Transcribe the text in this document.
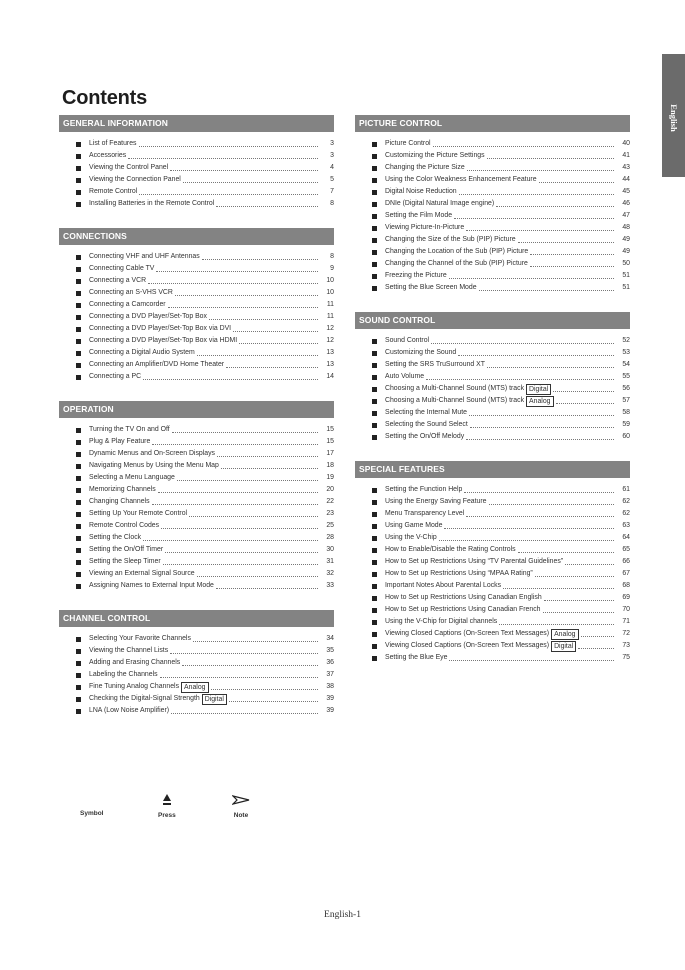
English
Contents
GENERAL INFORMATION
List of Features	3
Accessories	3
Viewing the Control Panel	4
Viewing the Connection Panel	5
Remote Control	7
Installing Batteries in the Remote Control	8
CONNECTIONS
Connecting VHF and UHF Antennas	8
Connecting Cable TV	9
Connecting a VCR	10
Connecting an S-VHS VCR	10
Connecting a Camcorder	11
Connecting a DVD Player/Set-Top Box	11
Connecting a DVD Player/Set-Top Box via DVI	12
Connecting a DVD Player/Set-Top Box via HDMI	12
Connecting a Digital Audio System	13
Connecting an Amplifier/DVD Home Theater	13
Connecting a PC	14
OPERATION
Turning the TV On and Off	15
Plug & Play Feature	15
Dynamic Menus and On-Screen Displays	17
Navigating Menus by Using the Menu Map	18
Selecting a Menu Language	19
Memorizing Channels	20
Changing Channels	22
Setting Up Your Remote Control	23
Remote Control Codes	25
Setting the Clock	28
Setting the On/Off Timer	30
Setting the Sleep Timer	31
Viewing an External Signal Source	32
Assigning Names to External Input Mode	33
CHANNEL CONTROL
Selecting Your Favorite Channels	34
Viewing the Channel Lists	35
Adding and Erasing Channels	36
Labeling the Channels	37
Fine Tuning Analog Channels Analog	38
Checking the Digital-Signal Strength Digital	39
LNA (Low Noise Amplifier)	39
PICTURE CONTROL
Picture Control	40
Customizing the Picture Settings	41
Changing the Picture Size	43
Using the Color Weakness Enhancement Feature	44
Digital Noise Reduction	45
DNIe (Digital Natural Image engine)	46
Setting the Film Mode	47
Viewing Picture-In-Picture	48
Changing the Size of the Sub (PIP) Picture	49
Changing the Location of the Sub (PIP) Picture	49
Changing the Channel of the Sub (PIP) Picture	50
Freezing the Picture	51
Setting the Blue Screen Mode	51
SOUND CONTROL
Sound Control	52
Customizing the Sound	53
Setting the SRS TruSurround XT	54
Auto Volume	55
Choosing a Multi-Channel Sound (MTS) track Digital	56
Choosing a Multi-Channel Sound (MTS) track Analog	57
Selecting the Internal Mute	58
Selecting the Sound Select	59
Setting the On/Off Melody	60
SPECIAL FEATURES
Setting the Function Help	61
Using the Energy Saving Feature	62
Menu Transparency Level	62
Using Game Mode	63
Using the V-Chip	64
How to Enable/Disable the Rating Controls	65
How to Set up Restrictions Using “TV Parental Guidelines”	66
How to Set up Restrictions Using “MPAA Rating”	67
Important Notes About Parental Locks	68
How to Set up Restrictions Using Canadian English	69
How to Set up Restrictions Using Canadian French	70
Using the V-Chip for Digital channels	71
Viewing Closed Captions (On-Screen Text Messages) Analog	72
Viewing Closed Captions (On-Screen Text Messages) Digital	73
Setting the Blue Eye	75
Symbol	Press	Note
English-1
